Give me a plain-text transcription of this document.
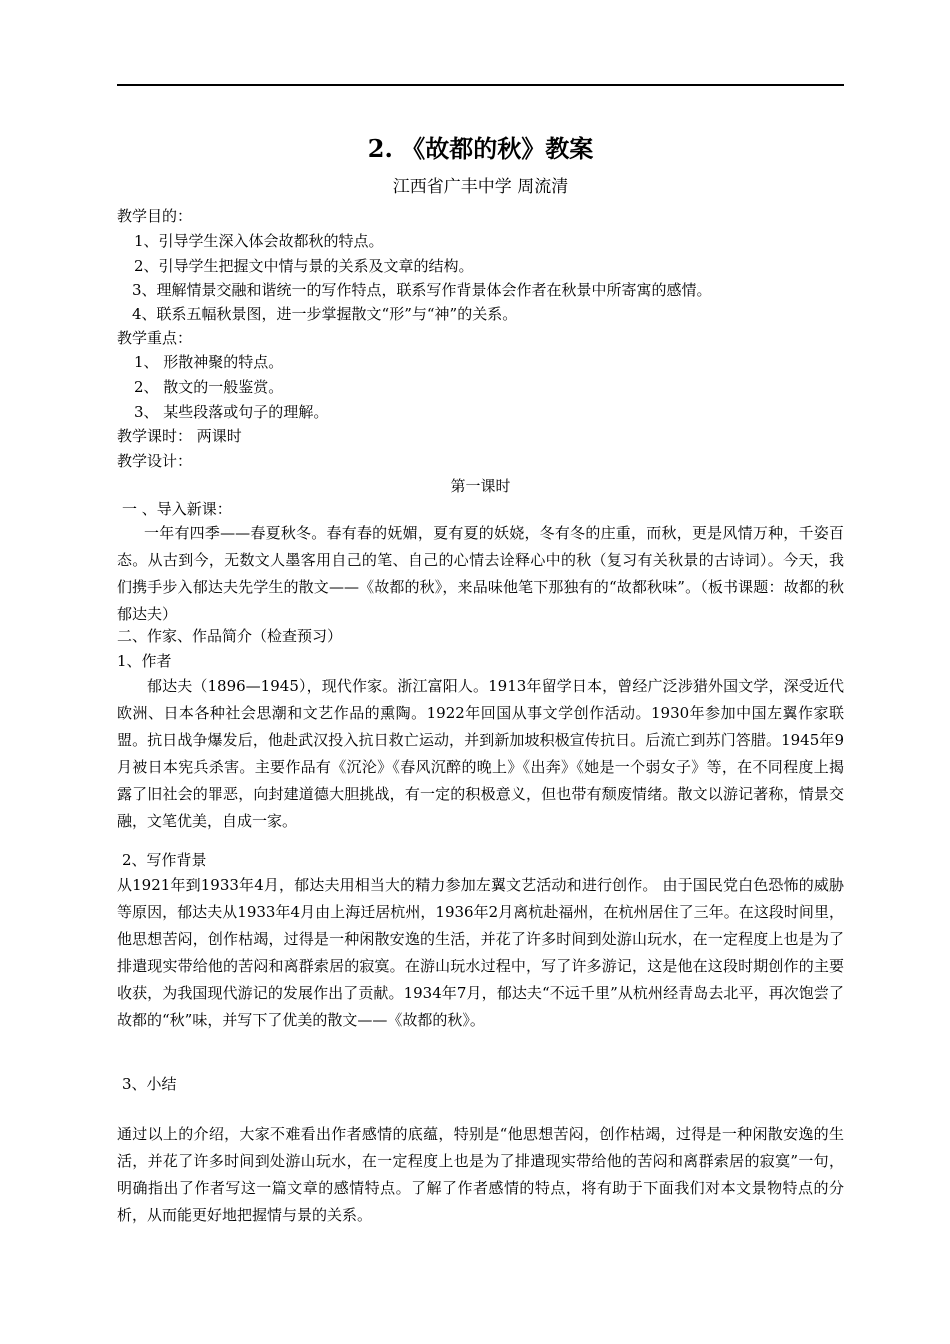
2. 《故都的秋》教案
江西省广丰中学 周流清
教学目的：
1、引导学生深入体会故都秋的特点。
2、引导学生把握文中情与景的关系及文章的结构。
3、理解情景交融和谐统一的写作特点，联系写作背景体会作者在秋景中所寄寓的感情。
4、联系五幅秋景图，进一步掌握散文“形”与“神”的关系。
教学重点：
1、 形散神聚的特点。
2、 散文的一般鉴赏。
3、 某些段落或句子的理解。
教学课时： 两课时
教学设计：
第一课时
一 、导入新课：
一年有四季——春夏秋冬。春有春的妩媚，夏有夏的妖娆，冬有冬的庄重，而秋，更是风情万种，千姿百态。从古到今，无数文人墨客用自己的笔、自己的心情去诠释心中的秋（复习有关秋景的古诗词）。今天，我们携手步入郁达夫先学生的散文——《故都的秋》，来品味他笔下那独有的“故都秋味”。（板书课题：故都的秋 郁达夫）
二、作家、作品简介（检查预习）
1、作者
郁达夫（1896—1945），现代作家。浙江富阳人。1913年留学日本，曾经广泛涉猎外国文学，深受近代欧洲、日本各种社会思潮和文艺作品的熏陶。1922年回国从事文学创作活动。1930年参加中国左翼作家联盟。抗日战争爆发后，他赴武汉投入抗日救亡运动，并到新加坡积极宣传抗日。后流亡到苏门答腊。1945年9月被日本宪兵杀害。主要作品有《沉沦》《春风沉醉的晚上》《出奔》《她是一个弱女子》等，在不同程度上揭露了旧社会的罪恶，向封建道德大胆挑战，有一定的积极意义，但也带有颓废情绪。散文以游记著称，情景交融，文笔优美，自成一家。
2、写作背景
从1921年到1933年4月，郁达夫用相当大的精力参加左翼文艺活动和进行创作。 由于国民党白色恐怖的威胁等原因，郁达夫从1933年4月由上海迁居杭州，1936年2月离杭赴福州，在杭州居住了三年。在这段时间里，他思想苦闷，创作枯竭，过得是一种闲散安逸的生活，并花了许多时间到处游山玩水，在一定程度上也是为了排遣现实带给他的苦闷和离群索居的寂寞。在游山玩水过程中，写了许多游记，这是他在这段时期创作的主要收获，为我国现代游记的发展作出了贡献。1934年7月，郁达夫“不远千里”从杭州经青岛去北平，再次饱尝了故都的“秋”味，并写下了优美的散文——《故都的秋》。
3、小结
通过以上的介绍，大家不难看出作者感情的底蕴，特别是“他思想苦闷，创作枯竭，过得是一种闲散安逸的生活，并花了许多时间到处游山玩水，在一定程度上也是为了排遣现实带给他的苦闷和离群索居的寂寞”一句，明确指出了作者写这一篇文章的感情特点。了解了作者感情的特点，将有助于下面我们对本文景物特点的分析，从而能更好地把握情与景的关系。
